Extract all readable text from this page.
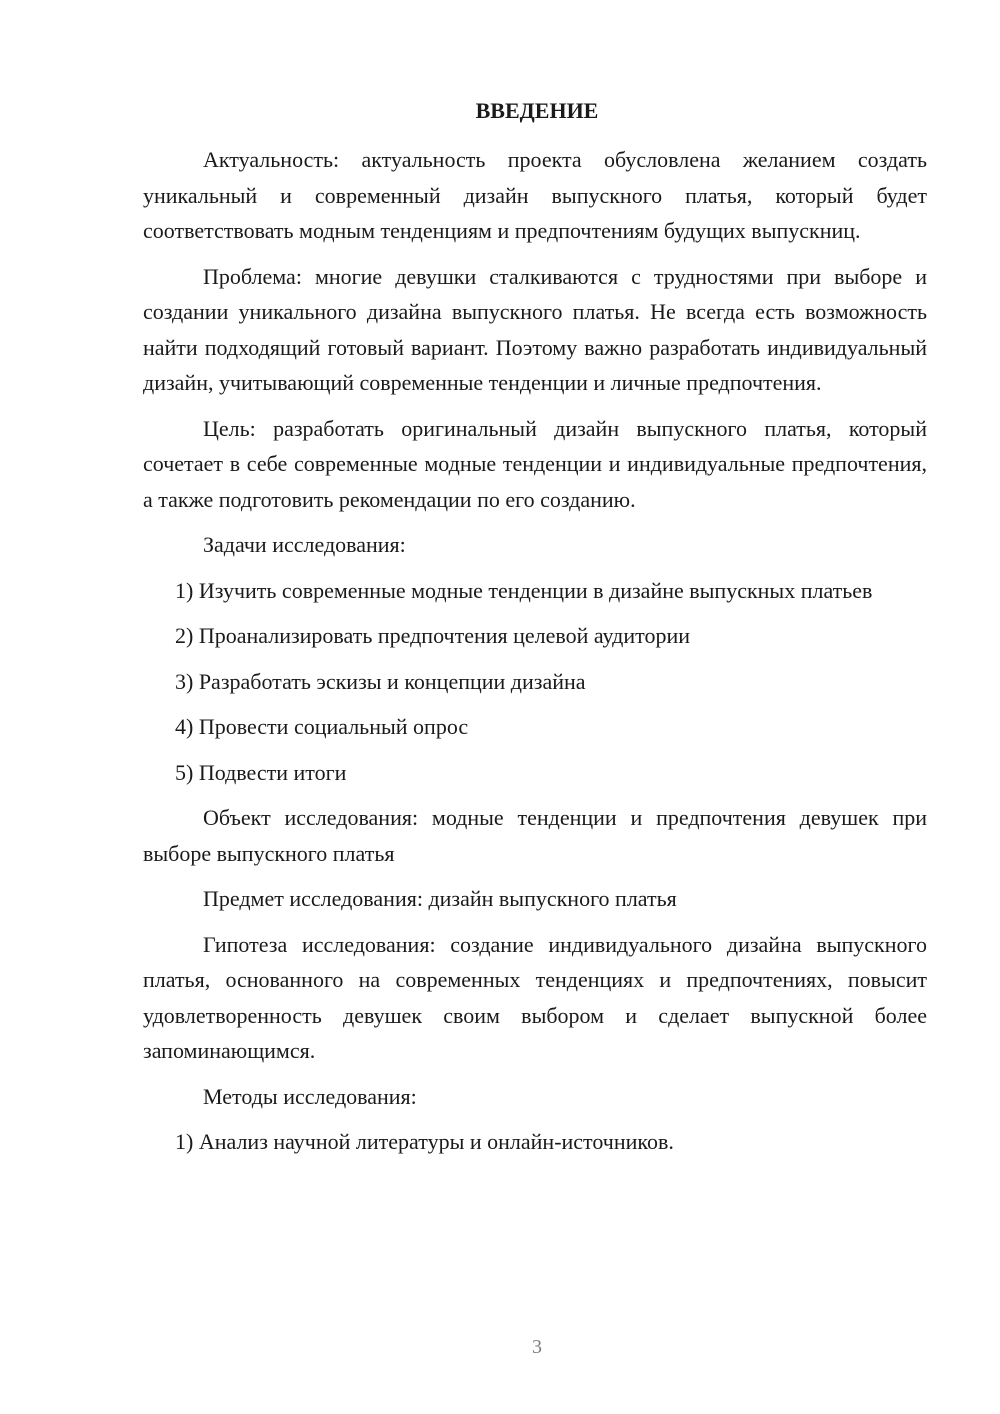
ВВЕДЕНИЕ

Актуальность: актуальность проекта обусловлена желанием создать уникальный и современный дизайн выпускного платья, который будет соответствовать модным тенденциям и предпочтениям будущих выпускниц.

Проблема: многие девушки сталкиваются с трудностями при выборе и создании уникального дизайна выпускного платья. Не всегда есть возможность найти подходящий готовый вариант. Поэтому важно разработать индивидуальный дизайн, учитывающий современные тенденции и личные предпочтения.

Цель: разработать оригинальный дизайн выпускного платья, который сочетает в себе современные модные тенденции и индивидуальные предпочтения, а также подготовить рекомендации по его созданию.

Задачи исследования:

1) Изучить современные модные тенденции в дизайне выпускных платьев

2) Проанализировать предпочтения целевой аудитории

3) Разработать эскизы и концепции дизайна

4) Провести социальный опрос

5) Подвести итоги

Объект исследования: модные тенденции и предпочтения девушек при выборе выпускного платья

Предмет исследования: дизайн выпускного платья

Гипотеза исследования: создание индивидуального дизайна выпускного платья, основанного на современных тенденциях и предпочтениях, повысит удовлетворенность девушек своим выбором и сделает выпускной более запоминающимся.

Методы исследования:

1) Анализ научной литературы и онлайн-источников.

3
